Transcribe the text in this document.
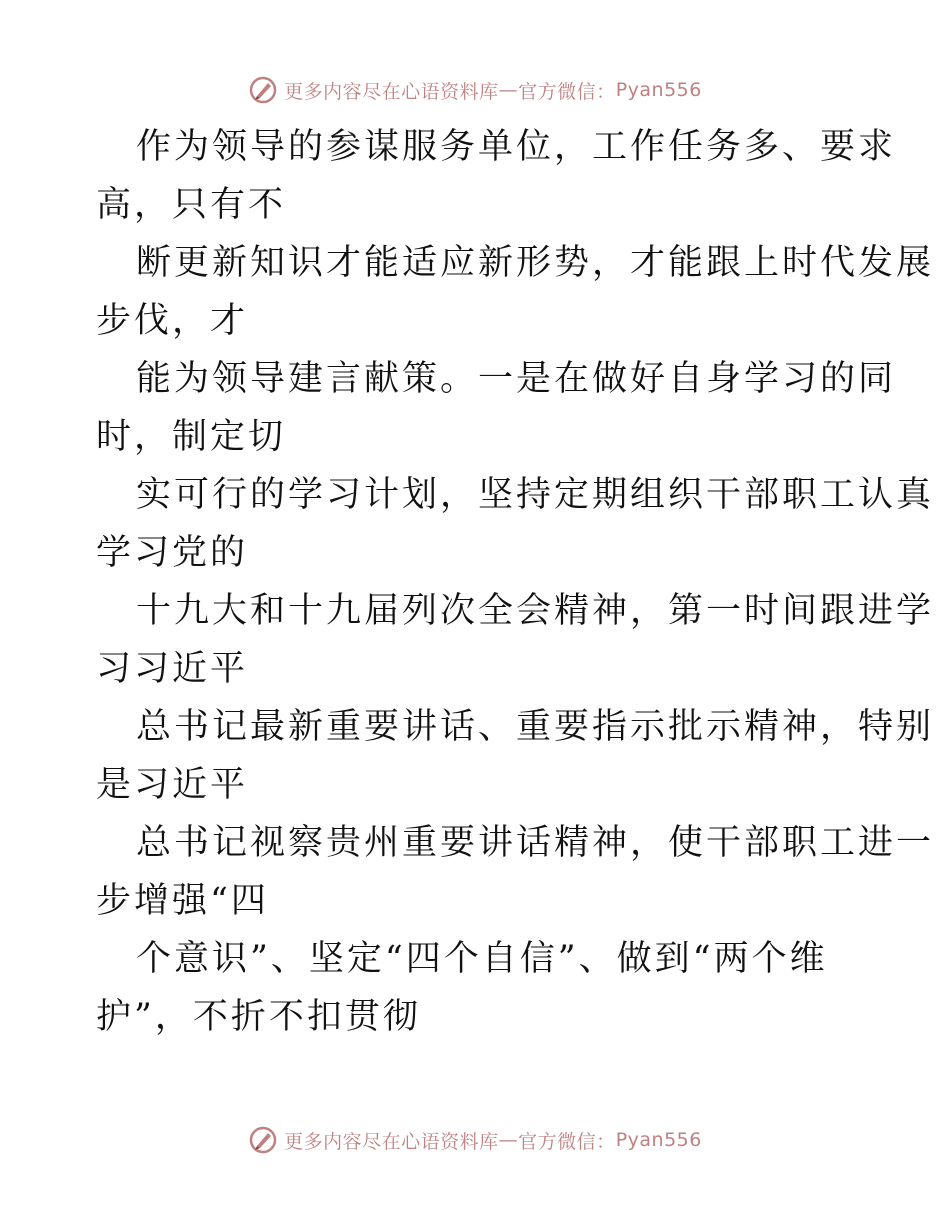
更多内容尽在心语资料库 — 官方微信： Pyan556
作为领导的参谋服务单位，工作任务多、要求
高，只有不
断更新知识才能适应新形势，才能跟上时代发展
步伐，才
能为领导建言献策。一是在做好自身学习的同
时，制定切
实可行的学习计划，坚持定期组织干部职工认真
学习党的
十九大和十九届列次全会精神，第一时间跟进学
习习近平
总书记最新重要讲话、重要指示批示精神，特别
是习近平
总书记视察贵州重要讲话精神，使干部职工进一
步增强“四
个意识”、坚定“四个自信”、做到“两个维
护”，不折不扣贯彻
更多内容尽在心语资料库 — 官方微信： Pyan556
